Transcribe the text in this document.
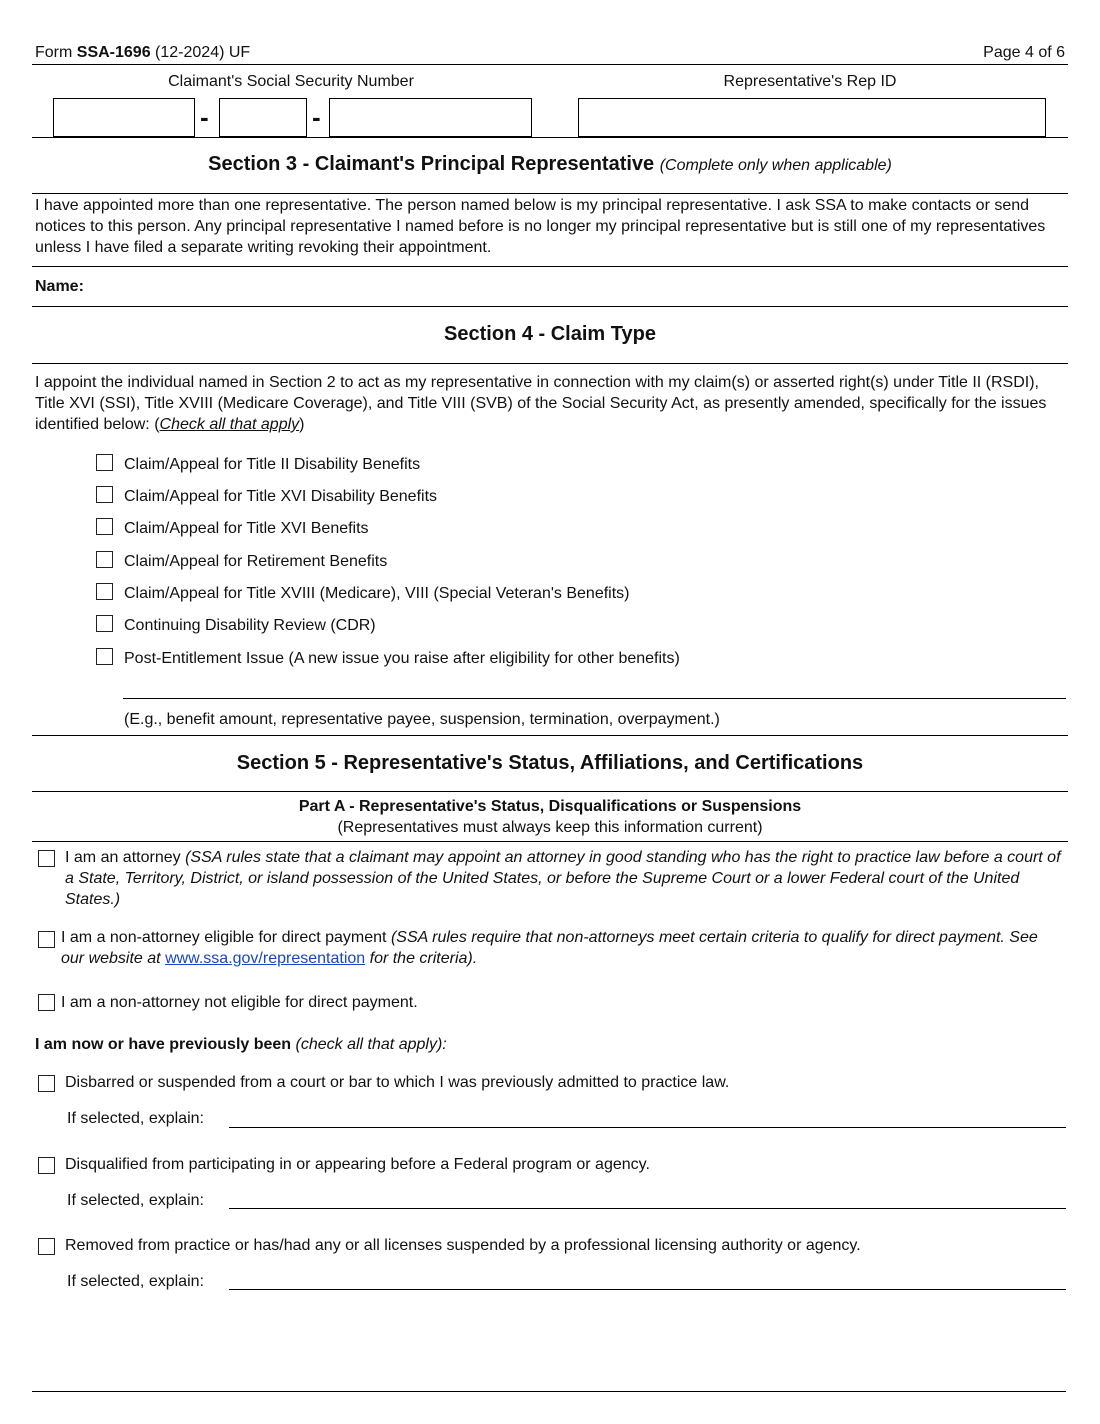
Form SSA-1696 (12-2024) UF	Page 4 of 6
Claimant's Social Security Number	Representative's Rep ID
-	-
Section 3 - Claimant's Principal Representative (Complete only when applicable)
I have appointed more than one representative. The person named below is my principal representative. I ask SSA to make contacts or send notices to this person. Any principal representative I named before is no longer my principal representative but is still one of my representatives unless I have filed a separate writing revoking their appointment.
Name:
Section 4 - Claim Type
I appoint the individual named in Section 2 to act as my representative in connection with my claim(s) or asserted right(s) under Title II (RSDI), Title XVI (SSI), Title XVIII (Medicare Coverage), and Title VIII (SVB) of the Social Security Act, as presently amended, specifically for the issues identified below: (Check all that apply)
Claim/Appeal for Title II Disability Benefits
Claim/Appeal for Title XVI Disability Benefits
Claim/Appeal for Title XVI Benefits
Claim/Appeal for Retirement Benefits
Claim/Appeal for Title XVIII (Medicare), VIII (Special Veteran's Benefits)
Continuing Disability Review (CDR)
Post-Entitlement Issue (A new issue you raise after eligibility for other benefits)
(E.g., benefit amount, representative payee, suspension, termination, overpayment.)
Section 5 - Representative's Status, Affiliations, and Certifications
Part A - Representative's Status, Disqualifications or Suspensions
(Representatives must always keep this information current)
I am an attorney (SSA rules state that a claimant may appoint an attorney in good standing who has the right to practice law before a court of a State, Territory, District, or island possession of the United States, or before the Supreme Court or a lower Federal court of the United States.)
I am a non-attorney eligible for direct payment (SSA rules require that non-attorneys meet certain criteria to qualify for direct payment. See our website at www.ssa.gov/representation for the criteria).
I am a non-attorney not eligible for direct payment.
I am now or have previously been (check all that apply):
Disbarred or suspended from a court or bar to which I was previously admitted to practice law.
If selected, explain:
Disqualified from participating in or appearing before a Federal program or agency.
If selected, explain:
Removed from practice or has/had any or all licenses suspended by a professional licensing authority or agency.
If selected, explain:
